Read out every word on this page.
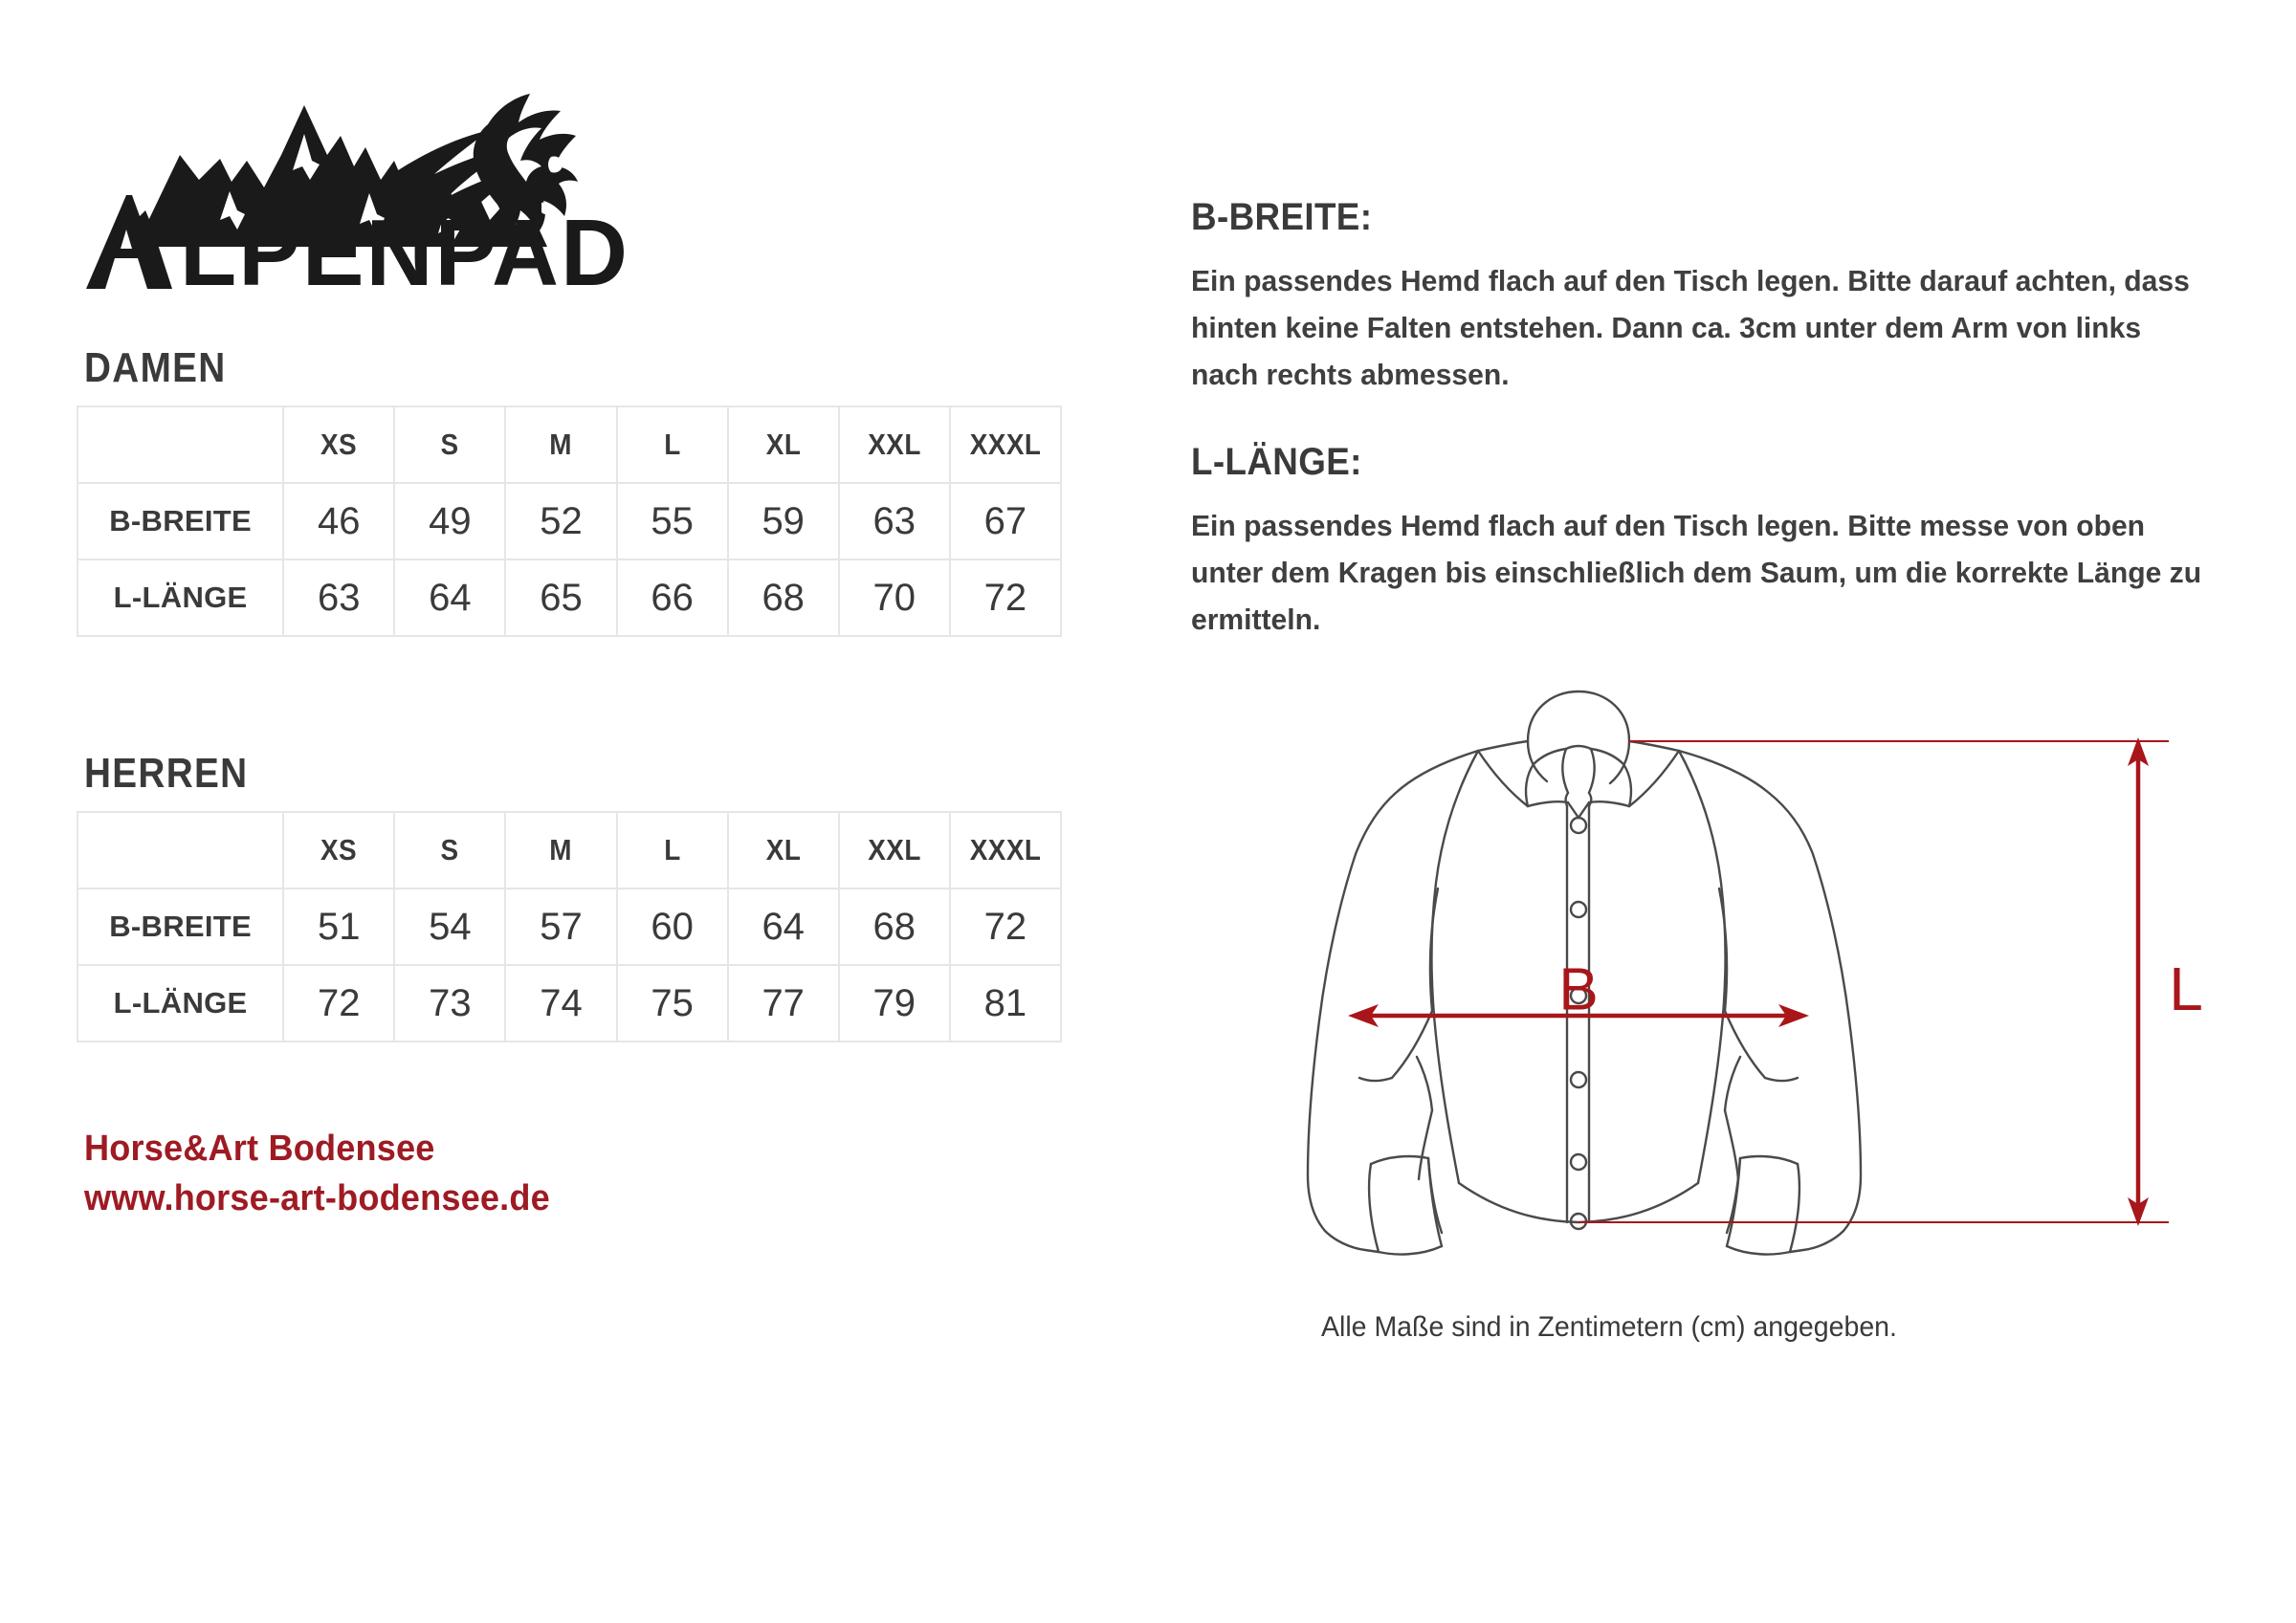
LPENPAD
DAMEN
	XS	S	M	L	XL	XXL	XXXL
B-BREITE	46	49	52	55	59	63	67
L-LÄNGE	63	64	65	66	68	70	72
HERREN
	XS	S	M	L	XL	XXL	XXXL
B-BREITE	51	54	57	60	64	68	72
L-LÄNGE	72	73	74	75	77	79	81
Horse&Art Bodensee
www.horse-art-bodensee.de
B-BREITE:

Ein passendes Hemd flach auf den Tisch legen. Bitte darauf achten, dass hinten keine Falten entstehen. Dann ca. 3cm unter dem Arm von links nach rechts abmessen.

L-LÄNGE:

Ein passendes Hemd flach auf den Tisch legen. Bitte messe von oben unter dem Kragen bis einschließlich dem Saum, um die korrekte Länge zu ermitteln.

L
B
Alle Maße sind in Zentimetern (cm) angegeben.
